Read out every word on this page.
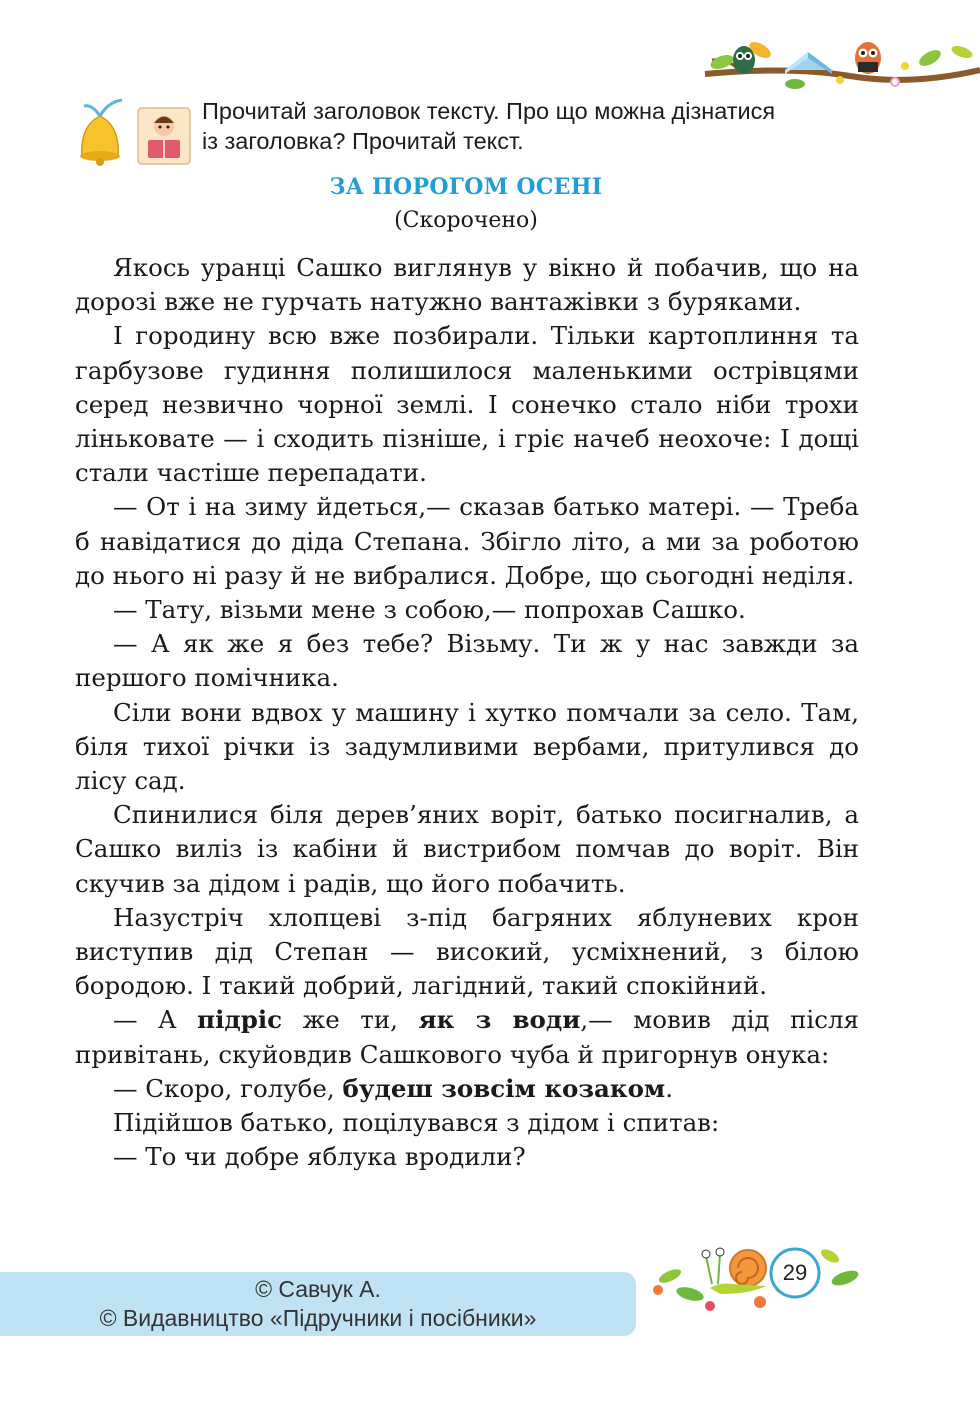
Прочитай заголовок тексту. Про що можна дізнатися
із заголовка? Прочитай текст.
ЗА ПОРОГОМ ОСЕНІ
(Скорочено)

Якось уранці Сашко виглянув у вікно й побачив, що на дорозі вже не гурчать натужно вантажівки з буряками.

І городину всю вже позбирали. Тільки картоплиння та гарбузове гудиння полишилося маленькими острівцями серед незвично чорної землі. І сонечко стало ніби трохи ліньковате — і сходить пізніше, і гріє начеб неохоче: І дощі стали частіше перепадати.

— От і на зиму йдеться,— сказав батько матері. — Треба б навідатися до діда Степана. Збігло літо, а ми за роботою до нього ні разу й не вибралися. Добре, що сьогодні неділя.

— Тату, візьми мене з собою,— попрохав Сашко.

— А як же я без тебе? Візьму. Ти ж у нас завжди за першого помічника.

Сіли вони вдвох у машину і хутко помчали за село. Там, біля тихої річки із задумливими вербами, притулився до лісу сад.

Спинилися біля дерев’яних воріт, батько посигналив, а Сашко виліз із кабіни й вистрибом помчав до воріт. Він скучив за дідом і радів, що його побачить.

Назустріч хлопцеві з-під багряних яблуневих крон виступив дід Степан — високий, усміхнений, з білою бородою. І такий добрий, лагідний, такий спокійний.

— А підріс же ти, як з води,— мовив дід після привітань, скуйовдив Сашкового чуба й пригорнув онука:

— Скоро, голубе, будеш зовсім козаком.

Підійшов батько, поцілувався з дідом і спитав:

— То чи добре яблука вродили?

© Савчук А.
© Видавництво «Підручники і посібники»
29
